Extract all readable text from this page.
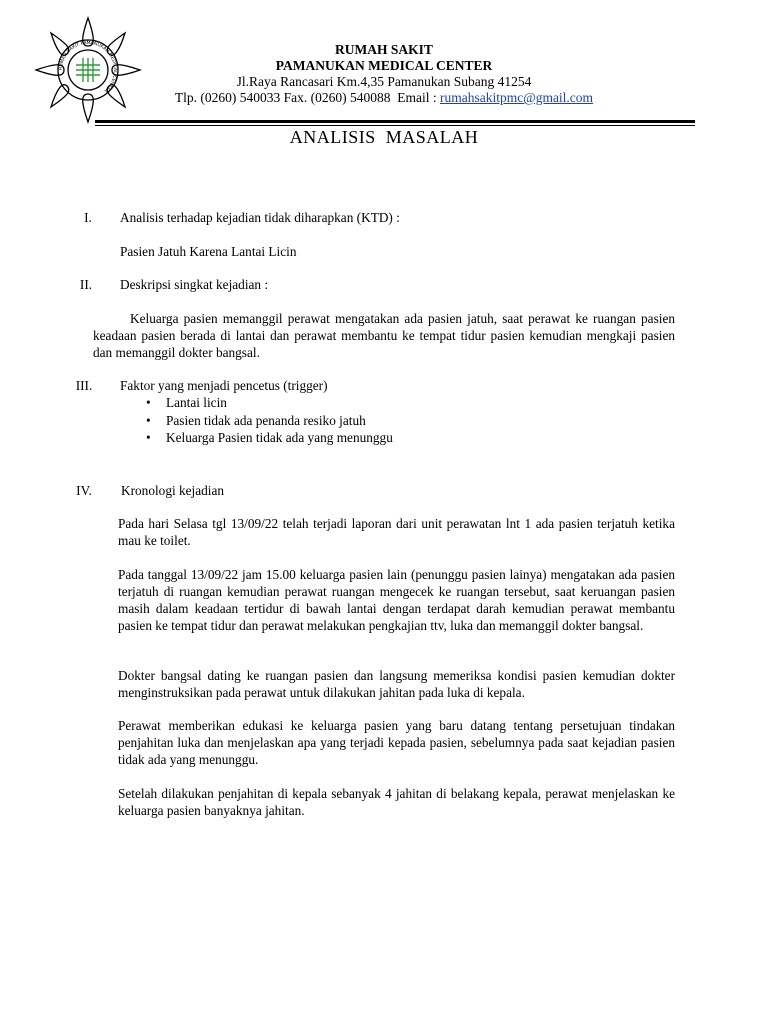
RUMAH SAKIT PAMANUKAN MEDICAL CENTER
RUMAH SAKIT
PAMANUKAN MEDICAL CENTER
Jl.Raya Rancasari Km.4,35 Pamanukan Subang 41254
Tlp. (0260) 540033 Fax. (0260) 540088  Email : rumahsakitpmc@gmail.com
ANALISIS  MASALAH
I.	Analisis terhadap kejadian tidak diharapkan (KTD) :
Pasien Jatuh Karena Lantai Licin
II.	Deskripsi singkat kejadian :
Keluarga pasien memanggil perawat mengatakan ada pasien jatuh, saat perawat ke ruangan pasien keadaan pasien berada di lantai dan perawat membantu ke tempat tidur pasien kemudian mengkaji pasien dan memanggil dokter bangsal.
III.	Faktor yang menjadi pencetus (trigger)
• Lantai licin
• Pasien tidak ada penanda resiko jatuh
• Keluarga Pasien tidak ada yang menunggu
IV.	Kronologi kejadian
Pada hari Selasa tgl 13/09/22 telah terjadi laporan dari unit perawatan lnt 1 ada pasien terjatuh ketika mau ke toilet.
Pada tanggal 13/09/22 jam 15.00 keluarga pasien lain (penunggu pasien lainya) mengatakan ada pasien terjatuh di ruangan kemudian perawat ruangan mengecek ke ruangan tersebut, saat keruangan pasien masih dalam keadaan tertidur di bawah lantai dengan terdapat darah kemudian perawat membantu pasien ke tempat tidur dan perawat melakukan pengkajian ttv, luka dan memanggil dokter bangsal.
Dokter bangsal dating ke ruangan pasien dan langsung memeriksa kondisi pasien kemudian dokter menginstruksikan pada perawat untuk dilakukan jahitan pada luka di kepala.
Perawat memberikan edukasi ke keluarga pasien yang baru datang tentang persetujuan tindakan penjahitan luka dan menjelaskan apa yang terjadi kepada pasien, sebelumnya pada saat kejadian pasien tidak ada yang menunggu.
Setelah dilakukan penjahitan di kepala sebanyak 4 jahitan di belakang kepala, perawat menjelaskan ke keluarga pasien banyaknya jahitan.
